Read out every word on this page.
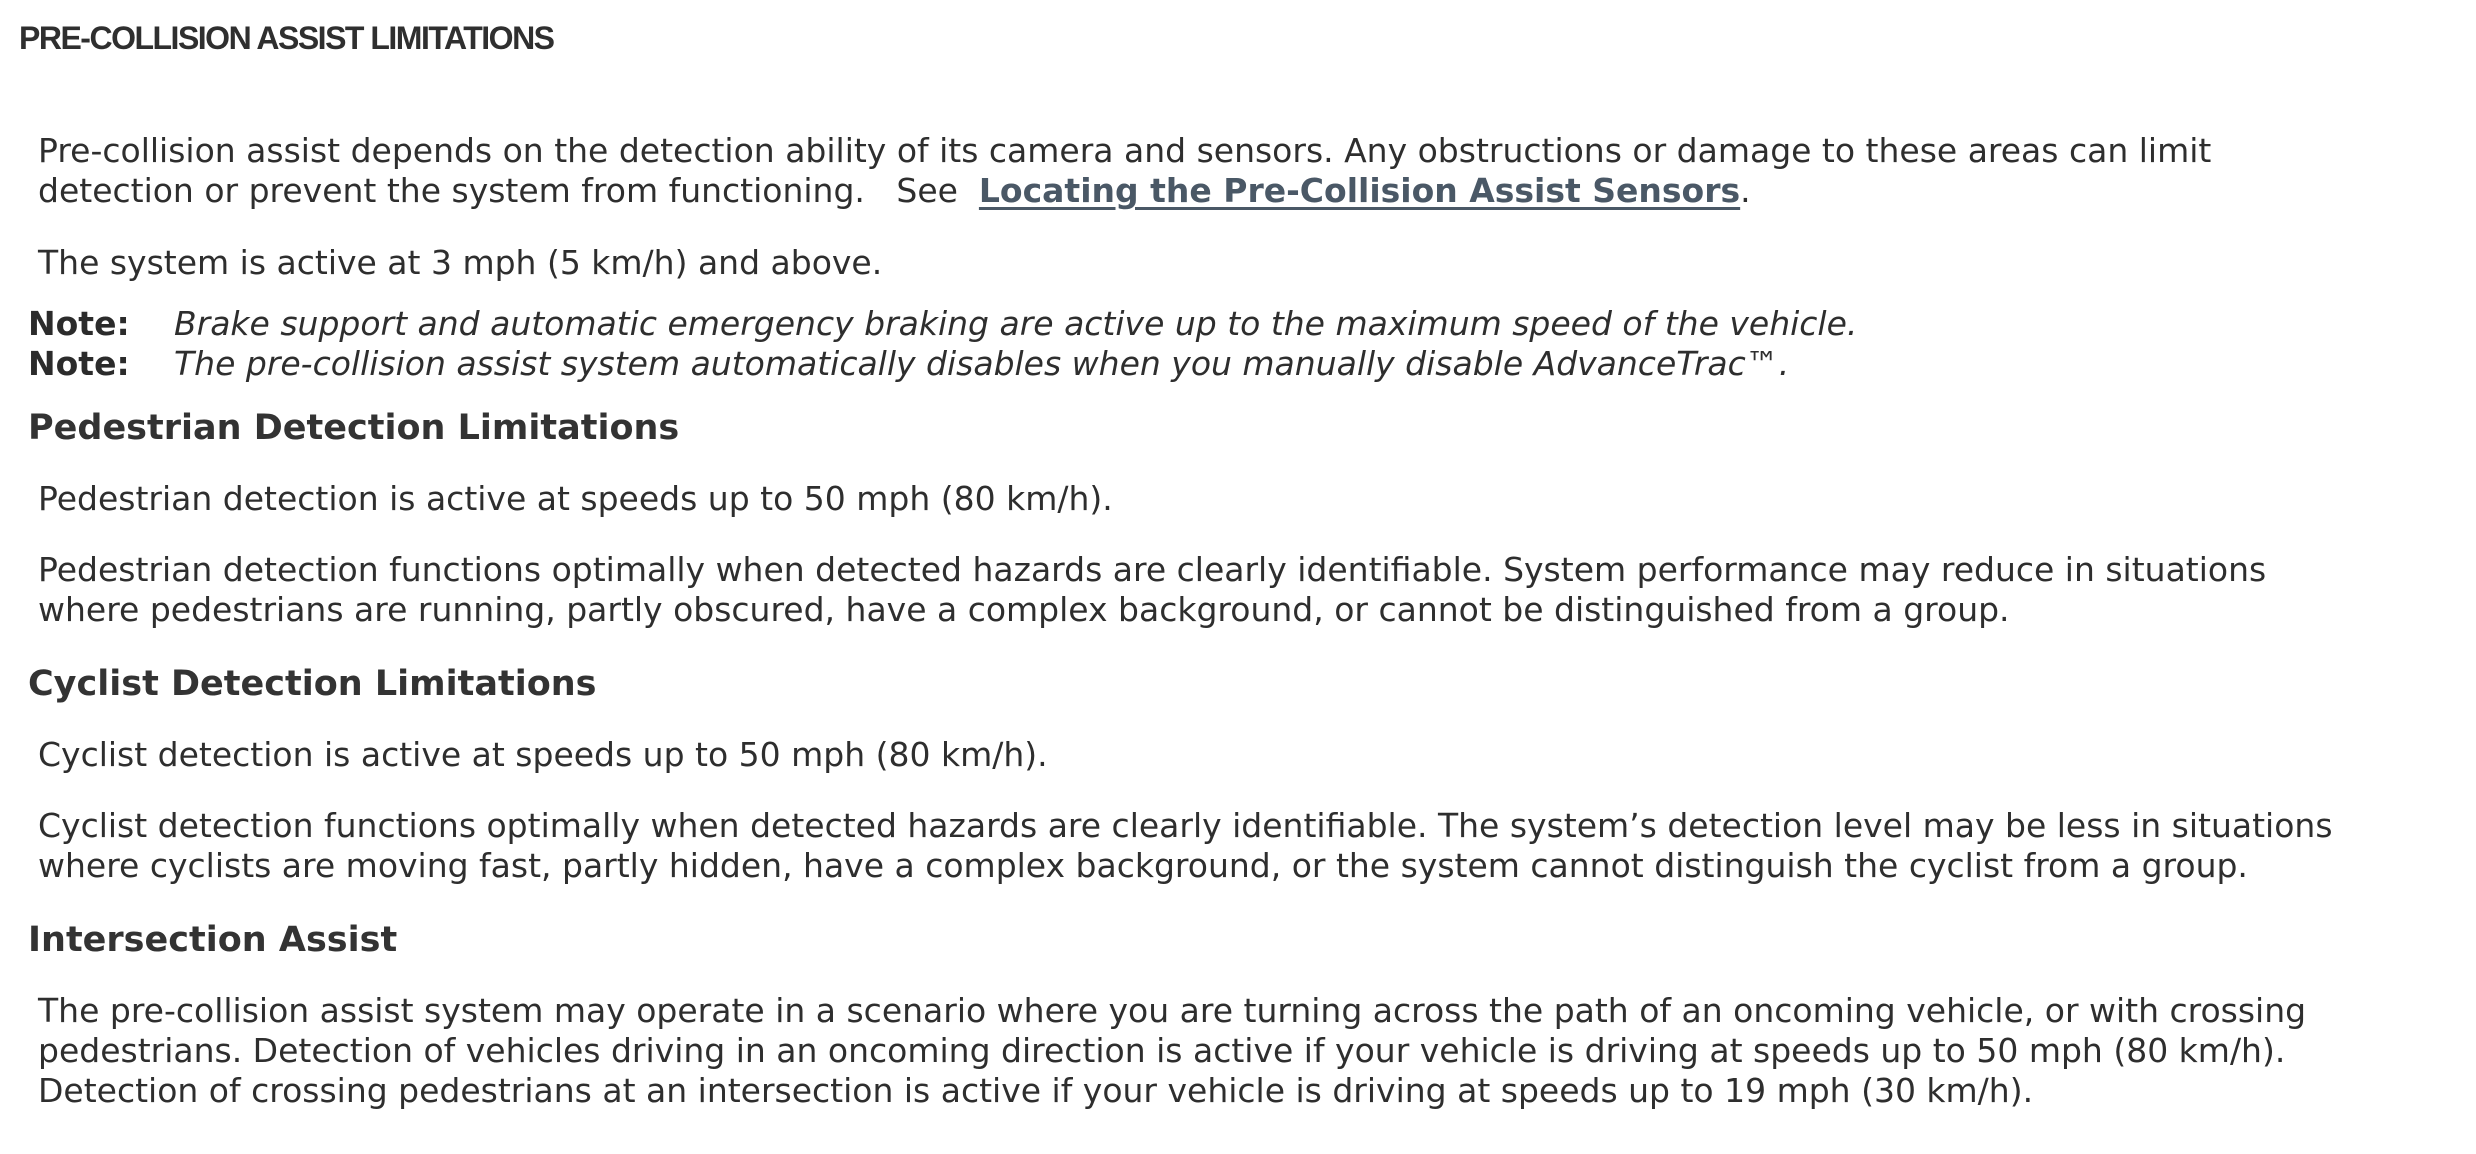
PRE-COLLISION ASSIST LIMITATIONS

Pre-collision assist depends on the detection ability of its camera and sensors. Any obstructions or damage to these areas can limit
detection or prevent the system from functioning.   See  Locating the Pre-Collision Assist Sensors.

The system is active at 3 mph (5 km/h) and above.

Note: Brake support and automatic emergency braking are active up to the maximum speed of the vehicle.

Note: The pre-collision assist system automatically disables when you manually disable AdvanceTrac™.

Pedestrian Detection Limitations

Pedestrian detection is active at speeds up to 50 mph (80 km/h).

Pedestrian detection functions optimally when detected hazards are clearly identifiable. System performance may reduce in situations
where pedestrians are running, partly obscured, have a complex background, or cannot be distinguished from a group.

Cyclist Detection Limitations

Cyclist detection is active at speeds up to 50 mph (80 km/h).

Cyclist detection functions optimally when detected hazards are clearly identifiable. The system’s detection level may be less in situations
where cyclists are moving fast, partly hidden, have a complex background, or the system cannot distinguish the cyclist from a group.

Intersection Assist

The pre-collision assist system may operate in a scenario where you are turning across the path of an oncoming vehicle, or with crossing
pedestrians. Detection of vehicles driving in an oncoming direction is active if your vehicle is driving at speeds up to 50 mph (80 km/h).
Detection of crossing pedestrians at an intersection is active if your vehicle is driving at speeds up to 19 mph (30 km/h).
